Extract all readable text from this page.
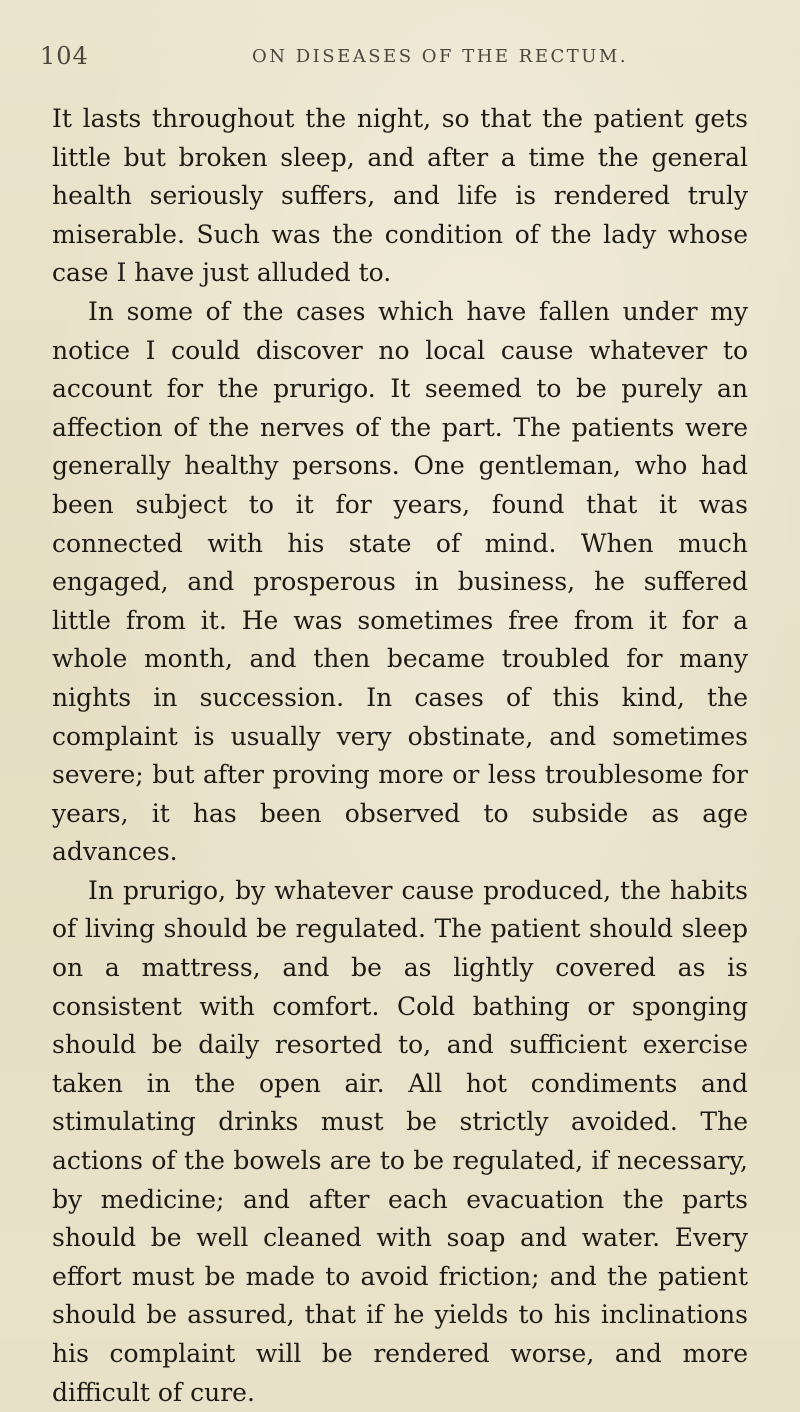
104	ON DISEASES OF THE RECTUM.

It lasts throughout the night, so that the patient gets little but broken sleep, and after a time the general health seriously suffers, and life is rendered truly miserable. Such was the condition of the lady whose case I have just alluded to.

In some of the cases which have fallen under my notice I could discover no local cause whatever to account for the prurigo. It seemed to be purely an affection of the nerves of the part. The patients were generally healthy persons. One gentleman, who had been subject to it for years, found that it was connected with his state of mind. When much engaged, and prosperous in business, he suffered little from it. He was sometimes free from it for a whole month, and then became troubled for many nights in succession. In cases of this kind, the complaint is usually very obstinate, and sometimes severe; but after proving more or less troublesome for years, it has been observed to subside as age advances.

In prurigo, by whatever cause produced, the habits of living should be regulated. The patient should sleep on a mattress, and be as lightly covered as is consistent with comfort. Cold bathing or sponging should be daily resorted to, and sufficient exercise taken in the open air. All hot condiments and stimulating drinks must be strictly avoided. The actions of the bowels are to be regulated, if necessary, by medicine; and after each evacuation the parts should be well cleaned with soap and water. Every effort must be made to avoid friction; and the patient should be assured, that if he yields to his inclinations his complaint will be rendered worse, and more difficult of cure.
